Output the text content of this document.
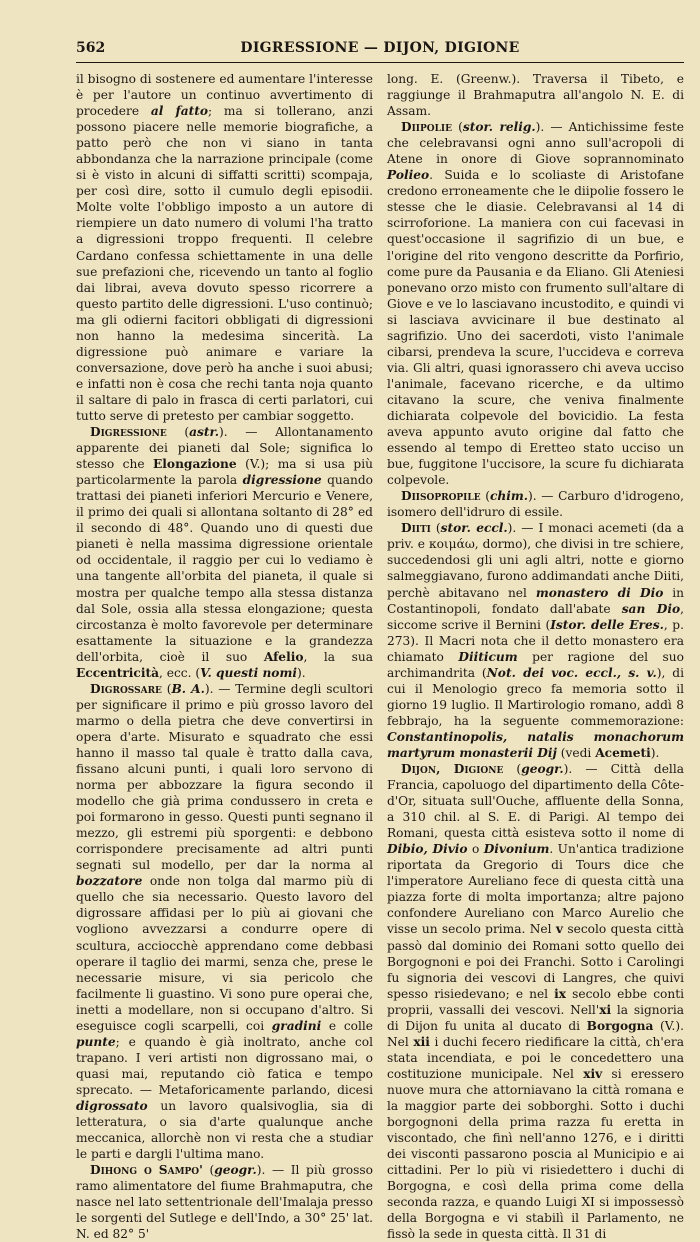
562	DIGRESSIONE — DIJON, DIGIONE

il bisogno di sostenere ed aumentare l'interesse è per l'autore un continuo avvertimento di procedere al fatto; ma si tollerano, anzi possono piacere nelle memorie biografiche, a patto però che non vi siano in tanta abbondanza che la narrazione principale (come si è visto in alcuni di siffatti scritti) scompaja, per così dire, sotto il cumulo degli episodii. Molte volte l'obbligo imposto a un autore di riempiere un dato numero di volumi l'ha tratto a digressioni troppo frequenti. Il celebre Cardano confessa schiettamente in una delle sue prefazioni che, ricevendo un tanto al foglio dai librai, aveva dovuto spesso ricorrere a questo partito delle digressioni. L'uso continuò; ma gli odierni facitori obbligati di digressioni non hanno la medesima sincerità. La digressione può animare e variare la conversazione, dove però ha anche i suoi abusi; e infatti non è cosa che rechi tanta noja quanto il saltare di palo in frasca di certi parlatori, cui tutto serve di pretesto per cambiar soggetto.

Digressione (astr.). — Allontanamento apparente dei pianeti dal Sole; significa lo stesso che Elongazione (V.); ma si usa più particolarmente la parola digressione quando trattasi dei pianeti inferiori Mercurio e Venere, il primo dei quali si allontana soltanto di 28° ed il secondo di 48°. Quando uno di questi due pianeti è nella massima digressione orientale od occidentale, il raggio per cui lo vediamo è una tangente all'orbita del pianeta, il quale si mostra per qualche tempo alla stessa distanza dal Sole, ossia alla stessa elongazione; questa circostanza è molto favorevole per determinare esattamente la situazione e la grandezza dell'orbita, cioè il suo Afelio, la sua Eccentricità, ecc. (V. questi nomi).

Digrossare (B. A.). — Termine degli scultori per significare il primo e più grosso lavoro del marmo o della pietra che deve convertirsi in opera d'arte. Misurato e squadrato che essi hanno il masso tal quale è tratto dalla cava, fissano alcuni punti, i quali loro servono di norma per abbozzare la figura secondo il modello che già prima condussero in creta e poi formarono in gesso. Questi punti segnano il mezzo, gli estremi più sporgenti: e debbono corrispondere precisamente ad altri punti segnati sul modello, per dar la norma al bozzatore onde non tolga dal marmo più di quello che sia necessario. Questo lavoro del digrossare affidasi per lo più ai giovani che vogliono avvezzarsi a condurre opere di scultura, acciocchè apprendano come debbasi operare il taglio dei marmi, senza che, prese le necessarie misure, vi sia pericolo che facilmente li guastino. Vi sono pure operai che, inetti a modellare, non si occupano d'altro. Si eseguisce cogli scarpelli, coi gradini e colle punte; e quando è già inoltrato, anche col trapano. I veri artisti non digrossano mai, o quasi mai, reputando ciò fatica e tempo sprecato. — Metaforicamente parlando, dicesi digrossato un lavoro qualsivoglia, sia di letteratura, o sia d'arte qualunque anche meccanica, allorchè non vi resta che a studiar le parti e dargli l'ultima mano.

Dihong o Sampo' (geogr.). — Il più grosso ramo alimentatore del fiume Brahmaputra, che nasce nel lato settentrionale dell'Imalaja presso le sorgenti del Sutlege e dell'Indo, a 30° 25' lat. N. ed 82° 5'

long. E. (Greenw.). Traversa il Tibeto, e raggiunge il Brahmaputra all'angolo N. E. di Assam.

Diipolie (stor. relig.). — Antichissime feste che celebravansi ogni anno sull'acropoli di Atene in onore di Giove soprannominato Polieo. Suida e lo scoliaste di Aristofane credono erroneamente che le diipolie fossero le stesse che le diasie. Celebravansi al 14 di scirroforione. La maniera con cui facevasi in quest'occasione il sagrifizio di un bue, e l'origine del rito vengono descritte da Porfirio, come pure da Pausania e da Eliano. Gli Ateniesi ponevano orzo misto con frumento sull'altare di Giove e ve lo lasciavano incustodito, e quindi vi si lasciava avvicinare il bue destinato al sagrifizio. Uno dei sacerdoti, visto l'animale cibarsi, prendeva la scure, l'uccideva e correva via. Gli altri, quasi ignorassero chi aveva ucciso l'animale, facevano ricerche, e da ultimo citavano la scure, che veniva finalmente dichiarata colpevole del bovicidio. La festa aveva appunto avuto origine dal fatto che essendo al tempo di Eretteo stato ucciso un bue, fuggitone l'uccisore, la scure fu dichiarata colpevole.

Diisopropile (chim.). — Carburo d'idrogeno, isomero dell'idruro di essile.

Diiti (stor. eccl.). — I monaci acemeti (da a priv. e κοιμάω, dormo), che divisi in tre schiere, succedendosi gli uni agli altri, notte e giorno salmeggiavano, furono addimandati anche Diiti, perchè abitavano nel monastero di Dio in Costantinopoli, fondato dall'abate san Dio, siccome scrive il Bernini (Istor. delle Eres., p. 273). Il Macri nota che il detto monastero era chiamato Diiticum per ragione del suo archimandrita (Not. dei voc. eccl., s. v.), di cui il Menologio greco fa memoria sotto il giorno 19 luglio. Il Martirologio romano, addì 8 febbrajo, ha la seguente commemorazione: Constantinopolis, natalis monachorum martyrum monasterii Dij (vedi Acemeti).

Dijon, Digione (geogr.). — Città della Francia, capoluogo del dipartimento della Côte-d'Or, situata sull'Ouche, affluente della Sonna, a 310 chil. al S. E. di Parigi. Al tempo dei Romani, questa città esisteva sotto il nome di Dibio, Divio o Divonium. Un'antica tradizione riportata da Gregorio di Tours dice che l'imperatore Aureliano fece di questa città una piazza forte di molta importanza; altre pajono confondere Aureliano con Marco Aurelio che visse un secolo prima. Nel v secolo questa città passò dal dominio dei Romani sotto quello dei Borgognoni e poi dei Franchi. Sotto i Carolingi fu signoria dei vescovi di Langres, che quivi spesso risiedevano; e nel ix secolo ebbe conti proprii, vassalli dei vescovi. Nell'xi la signoria di Dijon fu unita al ducato di Borgogna (V.). Nel xii i duchi fecero riedificare la città, ch'era stata incendiata, e poi le concedettero una costituzione municipale. Nel xiv si eressero nuove mura che attorniavano la città romana e la maggior parte dei sobborghi. Sotto i duchi borgognoni della prima razza fu eretta in viscontado, che finì nell'anno 1276, e i diritti dei visconti passarono poscia al Municipio e ai cittadini. Per lo più vi risiedettero i duchi di Borgogna, e così della prima come della seconda razza, e quando Luigi XI si impossessò della Borgogna e vi stabilì il Parlamento, ne fissò la sede in questa città. Il 31 di
